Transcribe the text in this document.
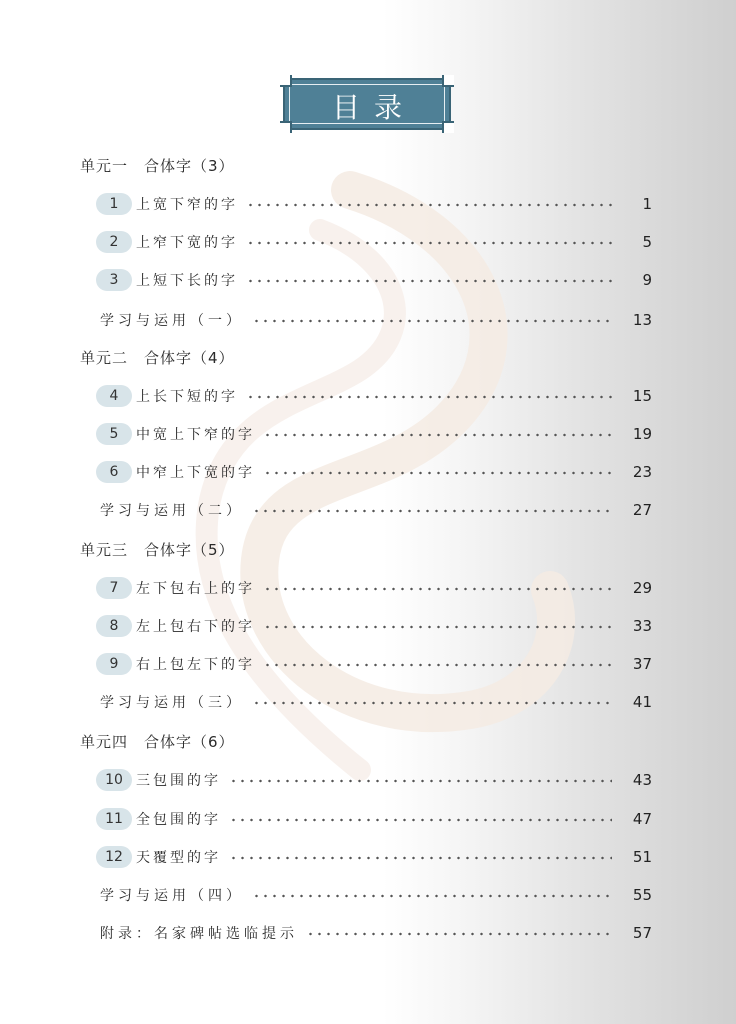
目录
单元一 合体字（3）
1	上宽下窄的字	1
2	上窄下宽的字	5
3	上短下长的字	9
学习与运用（一）	13
单元二 合体字（4）
4	上长下短的字	15
5	中宽上下窄的字	19
6	中窄上下宽的字	23
学习与运用（二）	27
单元三 合体字（5）
7	左下包右上的字	29
8	左上包右下的字	33
9	右上包左下的字	37
学习与运用（三）	41
单元四 合体字（6）
10 三包围的字	43
11 全包围的字	47
12 天覆型的字	51
学习与运用（四）	55
附录：名家碑帖选临提示	57
